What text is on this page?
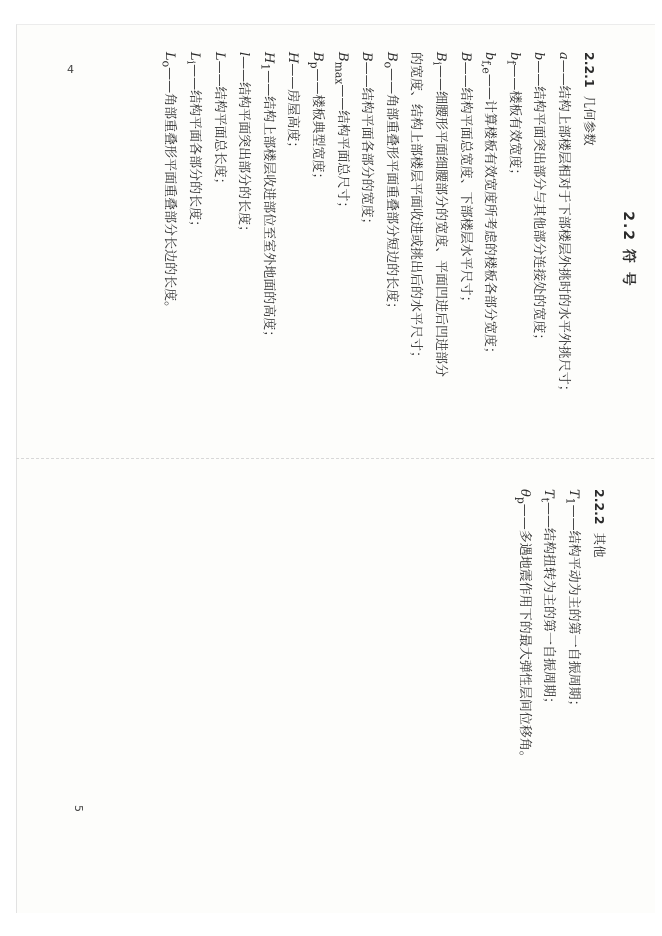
2.2 符 号
2.2.1几何参数
a——结构上部楼层相对于下部楼层外挑时的水平外挑尺寸；
b——结构平面突出部分与其他部分连接处的宽度；
$b_f——$楼板有效宽度；
$b_{f,e}——$计算楼板有效宽度所考虑的楼板各部分宽度；
B——结构平面总宽度、下部楼层水平尺寸；
$B_i——$细腰形平面细腰部分的宽度、平面凹进后凹进部分
的宽度、结构上部楼层平面收进或挑出后的水平尺寸；
$B_o——$角部重叠形平面重叠部分短边的长度；
B——结构平面各部分的宽度；
$B_{max}——$结构平面总尺寸；
$B_p——$楼板典型宽度；
H——房屋高度；
$H_1——$结构上部楼层收进部位至室外地面的高度；
l——结构平面突出部分的长度；
L——结构平面总长度；
$L_i——$结构平面各部分的长度；
$L_o——$角部重叠形平面重叠部分长边的长度。
4
2.2.2其他
$T_1——$结构平动为主的第一自振周期；
$T_t——$结构扭转为主的第一自振周期；
$\theta_p——$多遇地震作用下的最大弹性层间位移角。
5
